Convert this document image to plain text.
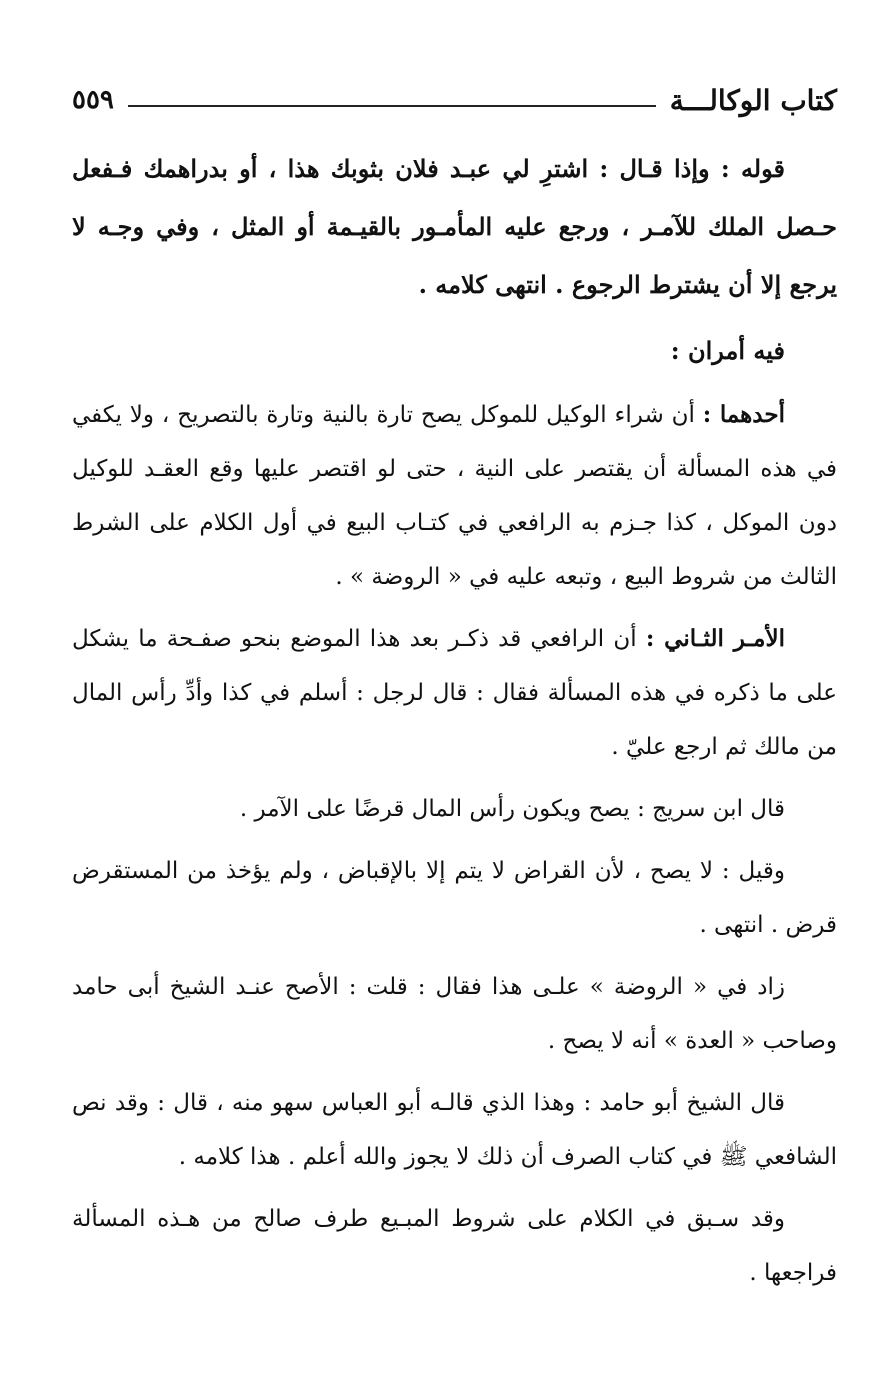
كتاب الوكالـــة
٥٥٩

قوله : وإذا قـال : اشترِ لي عبـد فلان بثوبك هذا ، أو بدراهمك فـفعل حـصل الملك للآمـر ، ورجع عليه المأمـور بالقيـمة أو المثل ، وفي وجـه لا يرجع إلا أن يشترط الرجوع . انتهى كلامه .

فيه أمران :

أحدهما : أن شراء الوكيل للموكل يصح تارة بالنية وتارة بالتصريح ، ولا يكفي في هذه المسألة أن يقتصر على النية ، حتى لو اقتصر عليها وقع العقـد للوكيل دون الموكل ، كذا جـزم به الرافعي في كتـاب البيع في أول الكلام على الشرط الثالث من شروط البيع ، وتبعه عليه في « الروضة » .

الأمـر الثـاني : أن الرافعي قد ذكـر بعد هذا الموضع بنحو صفـحة ما يشكل على ما ذكره في هذه المسألة فقال : قال لرجل : أسلم في كذا وأدِّ رأس المال من مالك ثم ارجع عليّ .

قال ابن سريج : يصح ويكون رأس المال قرضًا على الآمر .

وقيل : لا يصح ، لأن القراض لا يتم إلا بالإقباض ، ولم يؤخذ من المستقرض قرض . انتهى .

زاد في « الروضة » علـى هذا فقال : قلت : الأصح عنـد الشيخ أبى حامد وصاحب « العدة » أنه لا يصح .

قال الشيخ أبو حامد : وهذا الذي قالـه أبو العباس سهو منه ، قال : وقد نص الشافعي ﷺ في كتاب الصرف أن ذلك لا يجوز والله أعلم . هذا كلامه .

وقد سـبق في الكلام على شروط المبـيع طرف صالح من هـذه المسألة فراجعها .
